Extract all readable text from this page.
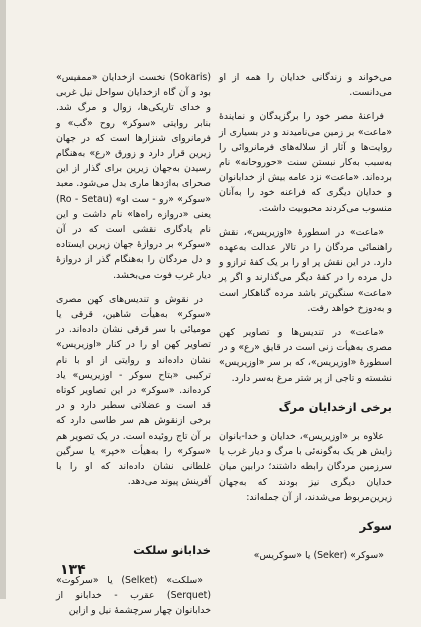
می‌خواند و زندگانی خدایان را همه از او می‌دانست.

فراعنهٔ مصر خود را برگزیدگان و نمایندهٔ «ماعت» بر زمین می‌نامیدند و در بسیاری از روایت‌ها و آثار از سلاله‌های فرمانروائی را به‌سبب به‌کار نبستن سنت «حوروحانه» نام برده‌اند. «ماعت» نزد عامه بیش از خدابانوان و خدایان دیگری که فراعنه خود را به‌آنان منسوب می‌کردند محبوبیت داشت.

«ماعت» در اسطورهٔ «اوزیریس»، نقش راهنمائی مردگان را در تالار عدالت به‌عهده دارد. در این نقش پر او را بر یک کفهٔ ترازو و دل مرده را در کفهٔ دیگر می‌گذارند و اگر پر «ماعت» سنگین‌تر باشد مرده گناهکار است و به‌دوزخ خواهد رفت.

«ماعت» در تندیس‌ها و تصاویر کهن مصری به‌هیأت زنی است در قایق «رع» و در اسطورهٔ «اوزیریس»، که بر سر «اوزیریس» نشسته و تاجی از پر شتر مرغ به‌سر دارد.

برخی ازخدایان مرگ

علاوه بر «اوزیریس»، خدایان و خدا-بانوان زایش هر یک به‌گونه‌ئی با مرگ و دیار غرب یا سرزمین مردگان رابطه داشتند؛ درابین میان خدایان دیگری نیز بودند که به‌جهان زیرین‌مربوط می‌شدند، از آن جمله‌اند:

سوکر

«سوکر» (Seker) یا «سوکریس»

(Sokaris) نخست ازخدایان «ممفیس» بود و آن گاه ازخدایان سواحل نیل غربی و خدای تاریکی‌ها، زوال و مرگ شد. بنابر روایتی «سوکر» روح «گب» و فرمانروای شنزارها است که در جهان زیرین قرار دارد و زورق «رع» به‌هنگام رسیدن به‌جهان زیرین برای گذار از این صحرای به‌اژدها ماری بدل می‌شود. معبد «سوکر» «رو - ست او» (Ro - Setau) یعنی «دروازه راه‌ها» نام داشت و این نام یادگاری نقشی است که در آن «سوکر» بر دروازهٔ جهان زیرین ایستاده و دل مردگان را به‌هنگام گذر از دروازهٔ دیار غرب فوت می‌بخشد.

در نقوش و تندیس‌های کهن مصری «سوکر» به‌هیأت شاهین، قرقی یا مومیائی با سر قرقی نشان داده‌اند. در تصاویر کهن او را در کنار «اوزیریس» نشان داده‌اند و روایتی از او با نام ترکیبی «بتاح سوکر - اوزیریس» یاد کرده‌اند. «سوکر» در این تصاویر کوتاه قد است و عضلاتی سطبر دارد و در برخی ازنقوش هم سر طاسی دارد که بر آن تاج روئیده است. در یک تصویر هم «سوکر» را به‌هیأت «خپر» یا سرگین غلطانی نشان داده‌اند که او را با آفرینش پیوند می‌دهد.

خدابانو سلکت

«سلکت» (Selket) یا «سرکوت» (Serquet) عقرب - خدابانو از خدابانوان چهار سرچشمهٔ نیل و ازاین

۱۳۴
